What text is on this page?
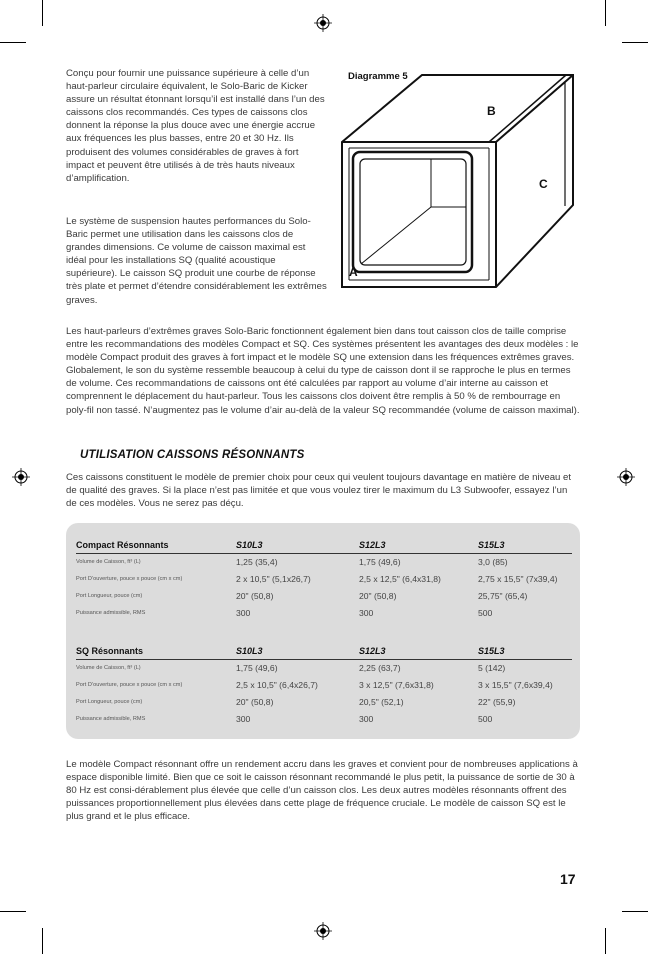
Conçu pour fournir une puissance supérieure à celle d’un haut-parleur circulaire équivalent, le Solo-Baric de Kicker assure un résultat étonnant lorsqu’il est installé dans l’un des caissons clos recommandés. Ces types de caissons clos donnent la réponse la plus douce avec une énergie accrue aux fréquences les plus basses, entre 20 et 30 Hz. Ils produisent des volumes considérables de graves à fort impact et peuvent être utilisés à de très hauts niveaux d’amplification.

Le système de suspension hautes performances du Solo-Baric permet une utilisation dans les caissons clos de grandes dimensions. Ce volume de caisson maximal est idéal pour les installations SQ (qualité acoustique supérieure). Le caisson SQ produit une courbe de réponse très plate et permet d’étendre considérablement les extrêmes graves.

Les haut-parleurs d’extrêmes graves Solo-Baric fonctionnent également bien dans tout caisson clos de taille comprise entre les recommandations des modèles Compact et SQ. Ces systèmes présentent les avantages des deux modèles : le modèle Compact produit des graves à fort impact et le modèle SQ une extension dans les fréquences extrêmes graves. Globalement, le son du système ressemble beaucoup à celui du type de caisson dont il se rapproche le plus en termes de volume. Ces recommandations de caissons ont été calculées par rapport au volume d’air interne au caisson et comprennent le déplacement du haut-parleur. Tous les caissons clos doivent être remplis à 50 % de rembourrage en poly-fil non tassé. N’augmentez pas le volume d’air au-delà de la valeur SQ recommandée (volume de caisson maximal).

Diagramme 5
A
B
C
UTILISATION CAISSONS RÉSONNANTS

Ces caissons constituent le modèle de premier choix pour ceux qui veulent toujours davantage en matière de niveau et de qualité des graves. Si la place n’est pas limitée et que vous voulez tirer le maximum du L3 Subwoofer, essayez l’un de ces modèles. Vous ne serez pas déçu.

Compact Résonnants	S10L3	S12L3	S15L3
Volume de Caisson, ft³ (L)	1,25 (35,4)	1,75 (49,6)	3,0 (85)
Port D’ouverture, pouce x pouce (cm x cm)	2 x 10,5" (5,1x26,7)	2,5 x 12,5" (6,4x31,8)	2,75 x 15,5" (7x39,4)
Port Longueur, pouce (cm)	20" (50,8)	20" (50,8)	25,75" (65,4)
Puissance admissible, RMS	300	300	500
SQ Résonnants	S10L3	S12L3	S15L3
Volume de Caisson, ft³ (L)	1,75 (49,6)	2,25 (63,7)	5 (142)
Port D’ouverture, pouce x pouce (cm x cm)	2,5 x 10,5" (6,4x26,7)	3 x 12,5" (7,6x31,8)	3 x 15,5" (7,6x39,4)
Port Longueur, pouce (cm)	20" (50,8)	20,5" (52,1)	22" (55,9)
Puissance admissible, RMS	300	300	500

Le modèle Compact résonnant offre un rendement accru dans les graves et convient pour de nombreuses applications à espace disponible limité. Bien que ce soit le caisson résonnant recommandé le plus petit, la puissance de sortie de 30 à 80 Hz est consi-dérablement plus élevée que celle d’un caisson clos. Les deux autres modèles résonnants offrent des puissances proportionnellement plus élevées dans cette plage de fréquence cruciale. Le modèle de caisson SQ est le plus grand et le plus efficace.

17
